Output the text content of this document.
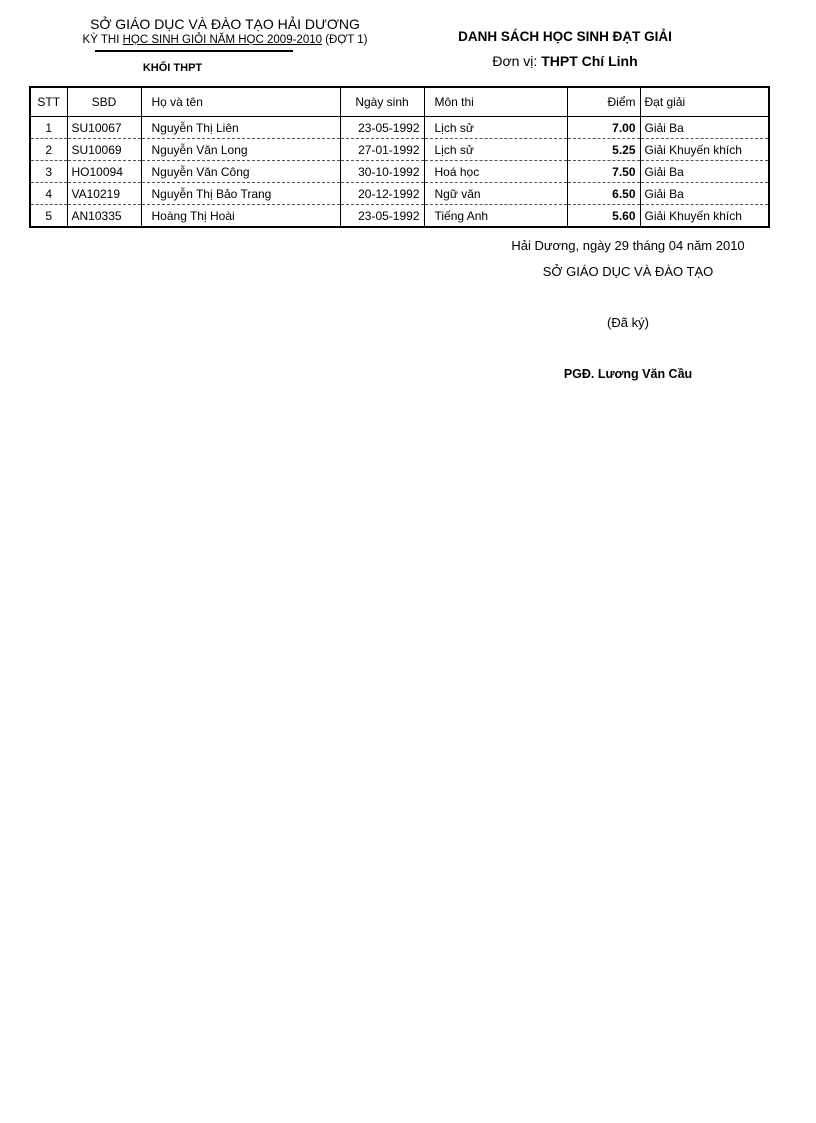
SỞ GIÁO DỤC VÀ ĐÀO TẠO HẢI DƯƠNG
KỲ THI HỌC SINH GIỎI NĂM HỌC 2009-2010 (ĐỢT 1)
KHỐI THPT
DANH SÁCH HỌC SINH ĐẠT GIẢI
Đơn vị: THPT Chí Linh
STT	SBD	Họ và tên	Ngày sinh	Môn thi	Điểm	Đạt giải
1	SU10067	Nguyễn Thị Liên	23-05-1992	Lịch sử	7.00	Giải Ba
2	SU10069	Nguyễn Văn Long	27-01-1992	Lịch sử	5.25	Giải Khuyến khích
3	HO10094	Nguyễn Văn Công	30-10-1992	Hoá học	7.50	Giải Ba
4	VA10219	Nguyễn Thị Bảo Trang	20-12-1992	Ngữ văn	6.50	Giải Ba
5	AN10335	Hoàng Thị Hoài	23-05-1992	Tiếng Anh	5.60	Giải Khuyến khích
Hải Dương, ngày 29 tháng 04 năm 2010
SỞ GIÁO DỤC VÀ ĐÀO TẠO
(Đã ký)
PGĐ. Lương Văn Cầu
